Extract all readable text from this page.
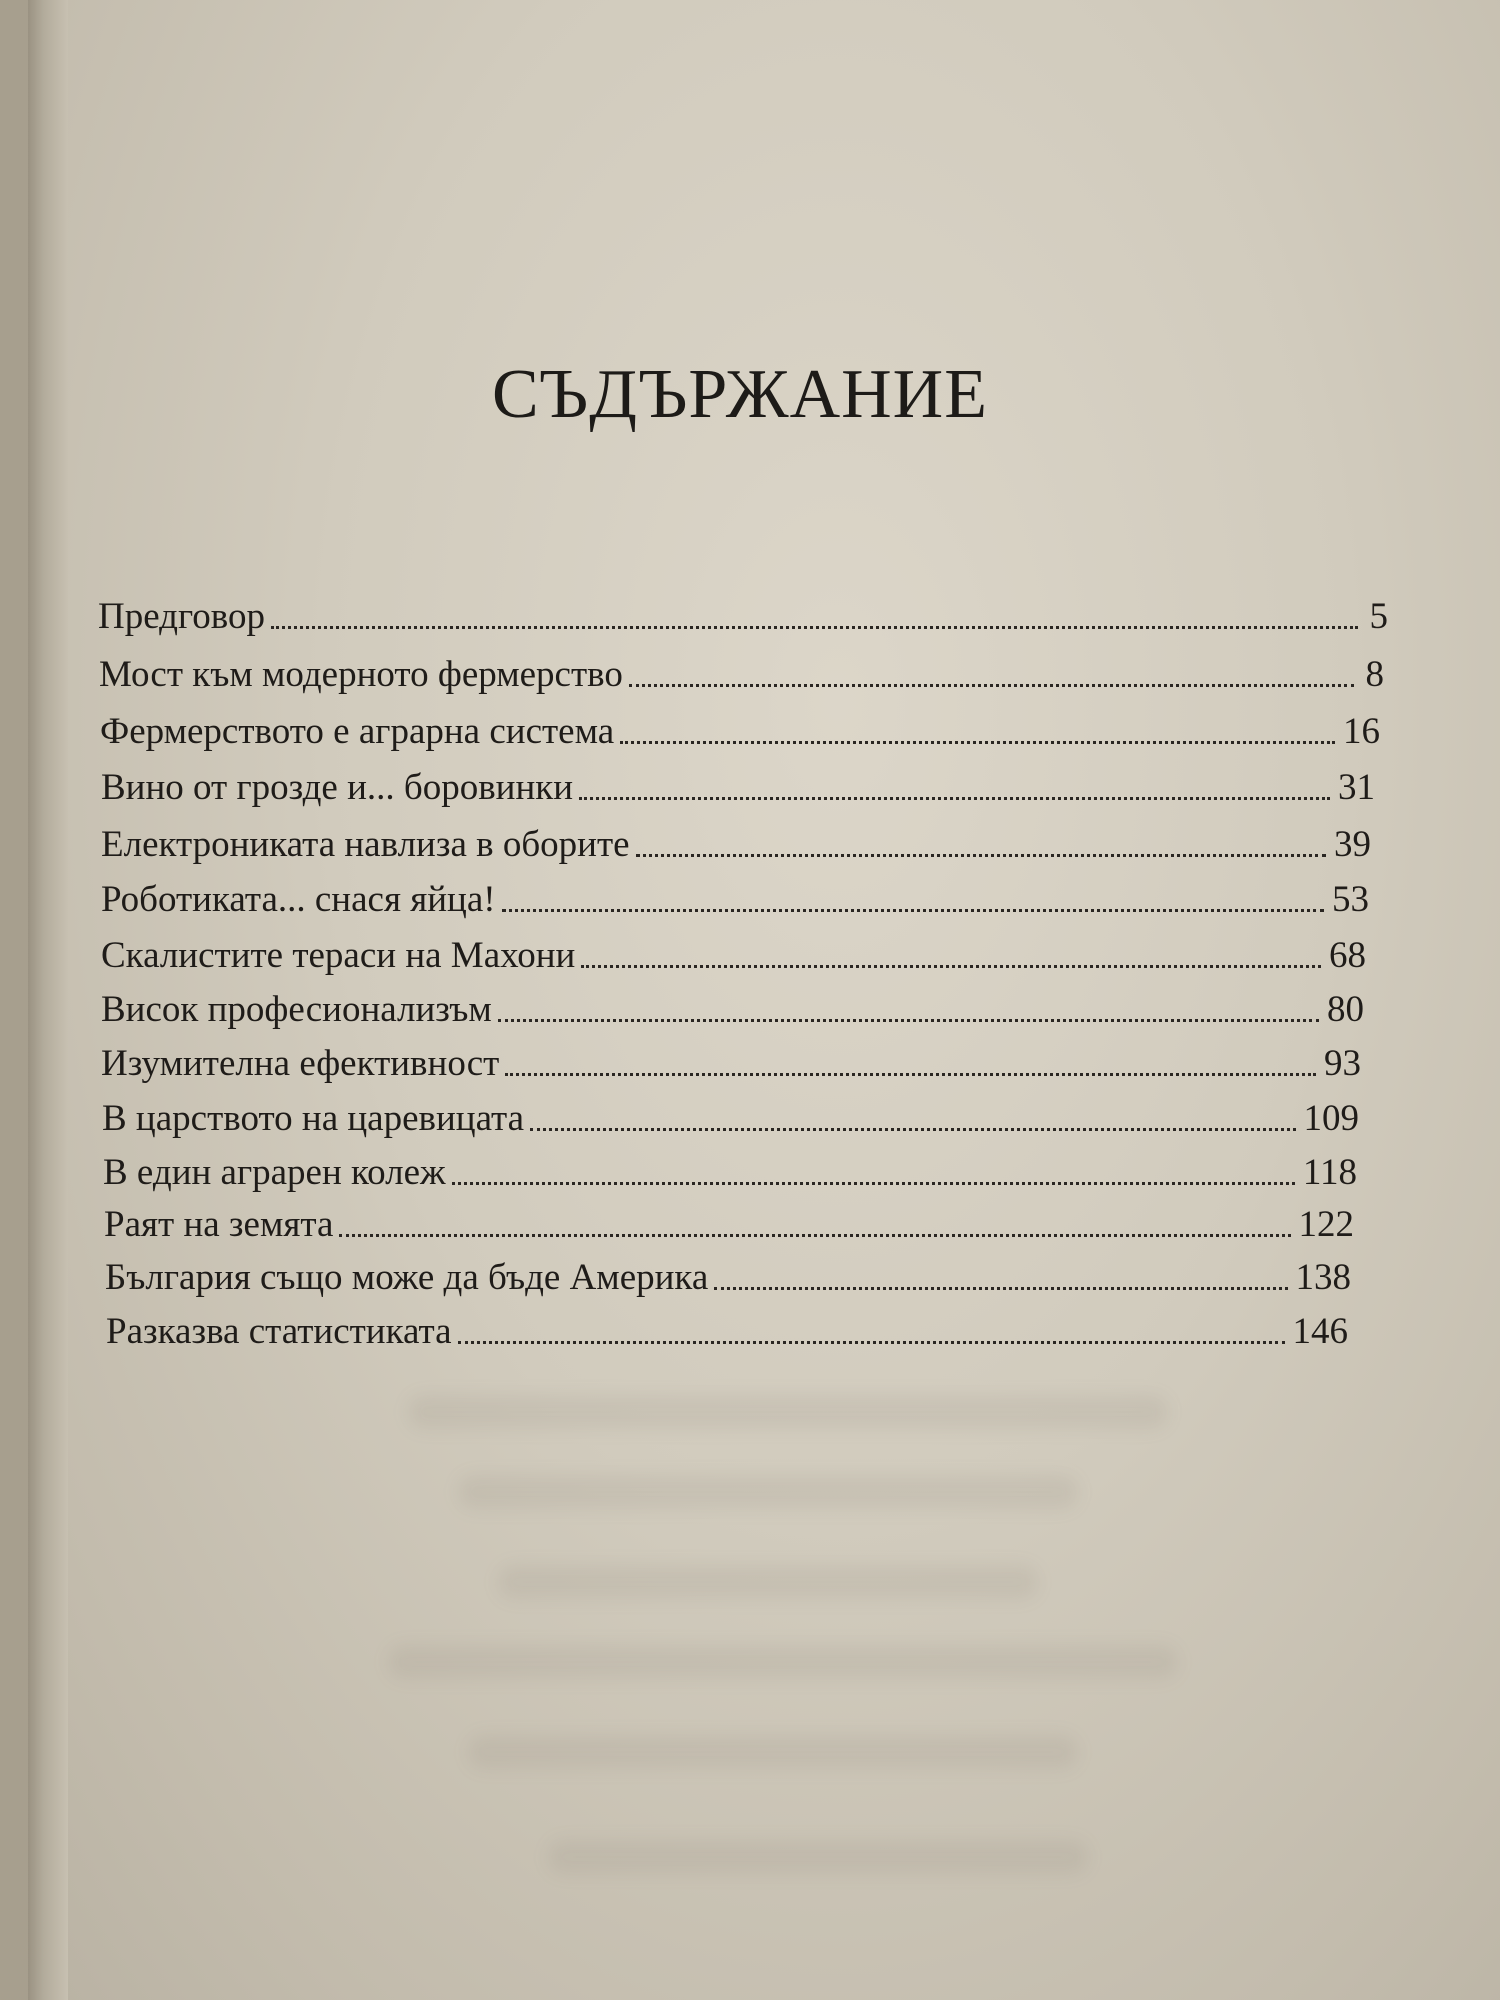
СЪДЪРЖАНИЕ
Предговор	5
Мост към модерното фермерство	8
Фермерството е аграрна система	16
Вино от грозде и... боровинки	31
Електрониката навлиза в оборите	39
Роботиката... снася яйца!	53
Скалистите тераси на Махони	68
Висок професионализъм	80
Изумителна ефективност	93
В царството на царевицата	109
В един аграрен колеж	118
Раят на земята	122
България също може да бъде Америка	138
Разказва статистиката	146
